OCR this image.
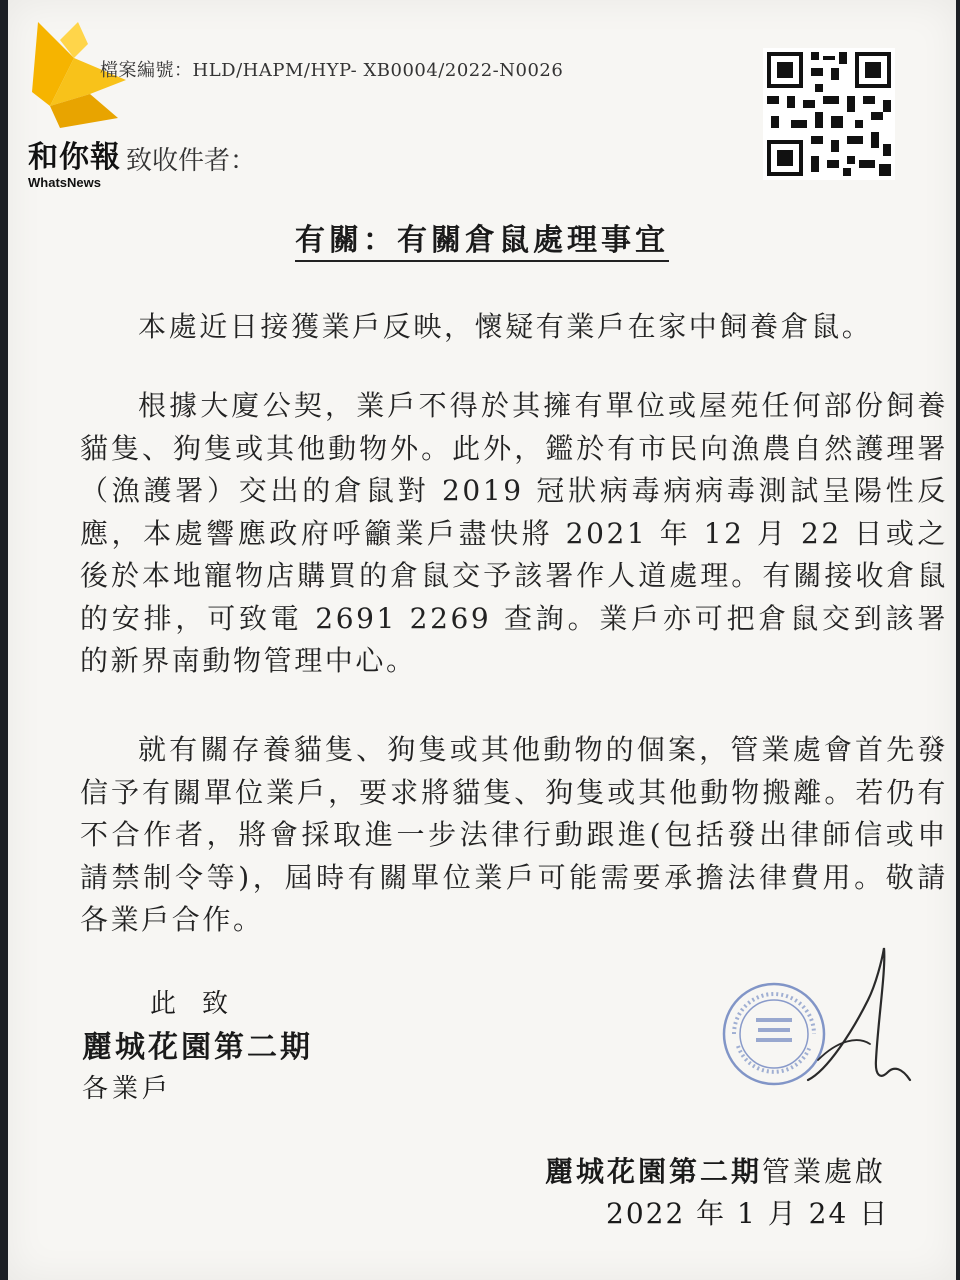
和你報
WhatsNews
檔案編號：HLD/HAPM/HYP- XB0004/2022-N0026
致收件者：
有關：有關倉鼠處理事宜
本處近日接獲業戶反映，懷疑有業戶在家中飼養倉鼠。
根據大廈公契，業戶不得於其擁有單位或屋苑任何部份飼養貓隻、狗隻或其他動物外。此外，鑑於有市民向漁農自然護理署（漁護署）交出的倉鼠對 2019 冠狀病毒病病毒測試呈陽性反應，本處響應政府呼籲業戶盡快將 2021 年 12 月 22 日或之後於本地寵物店購買的倉鼠交予該署作人道處理。有關接收倉鼠的安排，可致電 2691 2269 查詢。業戶亦可把倉鼠交到該署的新界南動物管理中心。
就有關存養貓隻、狗隻或其他動物的個案，管業處會首先發信予有關單位業戶，要求將貓隻、狗隻或其他動物搬離。若仍有不合作者，將會採取進一步法律行動跟進(包括發出律師信或申請禁制令等)，屆時有關單位業戶可能需要承擔法律費用。敬請各業戶合作。
此致
麗城花園第二期
各業戶
麗城花園第二期管業處啟
2022 年 1 月 24 日
